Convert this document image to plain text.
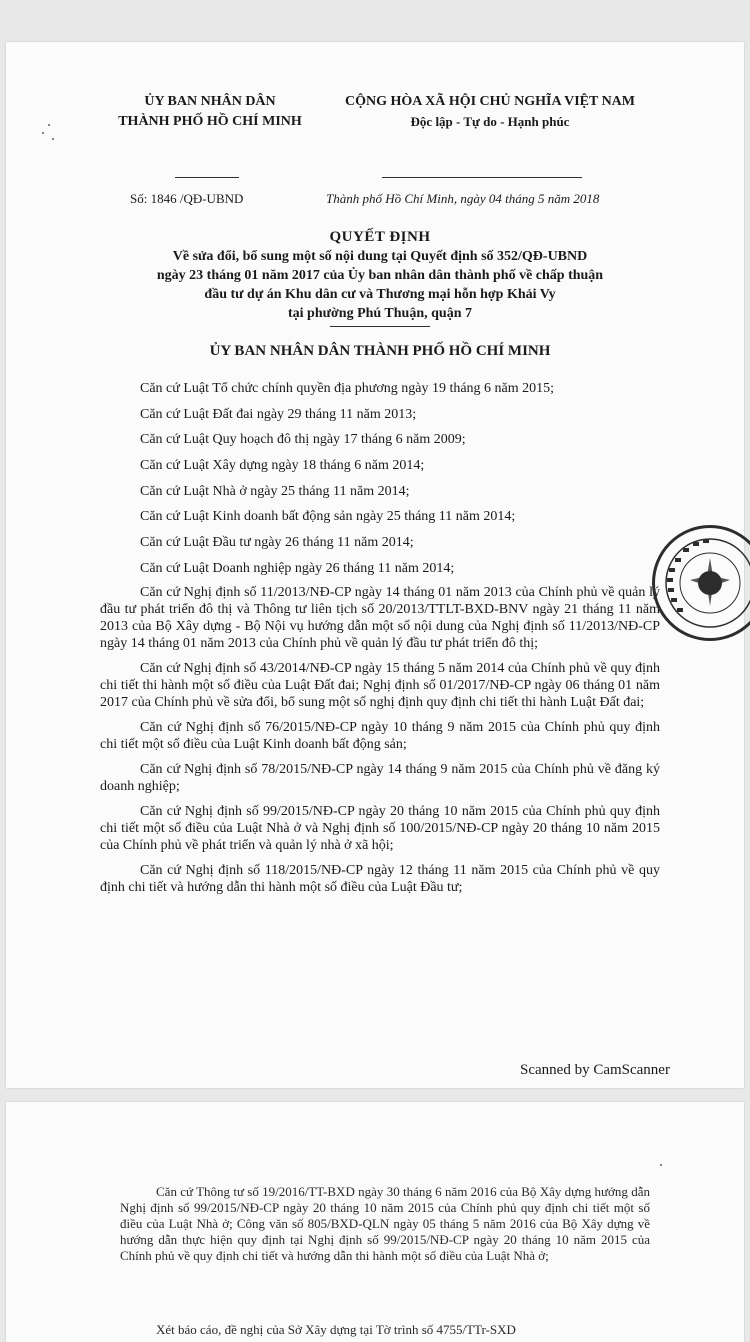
ỦY BAN NHÂN DÂN
THÀNH PHỐ HỒ CHÍ MINH
CỘNG HÒA XÃ HỘI CHỦ NGHĨA VIỆT NAM
Độc lập - Tự do - Hạnh phúc
Số: 1846 /QĐ-UBND	Thành phố Hồ Chí Minh, ngày 04 tháng 5 năm 2018
QUYẾT ĐỊNH
Về sửa đổi, bổ sung một số nội dung tại Quyết định số 352/QĐ-UBND
ngày 23 tháng 01 năm 2017 của Ủy ban nhân dân thành phố về chấp thuận
đầu tư dự án Khu dân cư và Thương mại hỗn hợp Khải Vy
tại phường Phú Thuận, quận 7
ỦY BAN NHÂN DÂN THÀNH PHỐ HỒ CHÍ MINH
Căn cứ Luật Tổ chức chính quyền địa phương ngày 19 tháng 6 năm 2015;
Căn cứ Luật Đất đai ngày 29 tháng 11 năm 2013;
Căn cứ Luật Quy hoạch đô thị ngày 17 tháng 6 năm 2009;
Căn cứ Luật Xây dựng ngày 18 tháng 6 năm 2014;
Căn cứ Luật Nhà ở ngày 25 tháng 11 năm 2014;
Căn cứ Luật Kinh doanh bất động sản ngày 25 tháng 11 năm 2014;
Căn cứ Luật Đầu tư ngày 26 tháng 11 năm 2014;
Căn cứ Luật Doanh nghiệp ngày 26 tháng 11 năm 2014;

Căn cứ Nghị định số 11/2013/NĐ-CP ngày 14 tháng 01 năm 2013 của Chính phủ về quản lý đầu tư phát triển đô thị và Thông tư liên tịch số 20/2013/TTLT-BXD-BNV ngày 21 tháng 11 năm 2013 của Bộ Xây dựng - Bộ Nội vụ hướng dẫn một số nội dung của Nghị định số 11/2013/NĐ-CP ngày 14 tháng 01 năm 2013 của Chính phủ về quản lý đầu tư phát triển đô thị;

Căn cứ Nghị định số 43/2014/NĐ-CP ngày 15 tháng 5 năm 2014 của Chính phủ về quy định chi tiết thi hành một số điều của Luật Đất đai; Nghị định số 01/2017/NĐ-CP ngày 06 tháng 01 năm 2017 của Chính phủ về sửa đổi, bổ sung một số nghị định quy định chi tiết thi hành Luật Đất đai;

Căn cứ Nghị định số 76/2015/NĐ-CP ngày 10 tháng 9 năm 2015 của Chính phủ quy định chi tiết một số điều của Luật Kinh doanh bất động sản;

Căn cứ Nghị định số 78/2015/NĐ-CP ngày 14 tháng 9 năm 2015 của Chính phủ về đăng ký doanh nghiệp;

Căn cứ Nghị định số 99/2015/NĐ-CP ngày 20 tháng 10 năm 2015 của Chính phủ quy định chi tiết một số điều của Luật Nhà ở và Nghị định số 100/2015/NĐ-CP ngày 20 tháng 10 năm 2015 của Chính phủ về phát triển và quản lý nhà ở xã hội;

Căn cứ Nghị định số 118/2015/NĐ-CP ngày 12 tháng 11 năm 2015 của Chính phủ về quy định chi tiết và hướng dẫn thi hành một số điều của Luật Đầu tư;

Scanned by CamScanner
Căn cứ Thông tư số 19/2016/TT-BXD ngày 30 tháng 6 năm 2016 của Bộ Xây dựng hướng dẫn Nghị định số 99/2015/NĐ-CP ngày 20 tháng 10 năm 2015 của Chính phủ quy định chi tiết một số điều của Luật Nhà ở; Công văn số 805/BXD-QLN ngày 05 tháng 5 năm 2016 của Bộ Xây dựng về hướng dẫn thực hiện quy định tại Nghị định số 99/2015/NĐ-CP ngày 20 tháng 10 năm 2015 của Chính phủ về quy định chi tiết và hướng dẫn thi hành một số điều của Luật Nhà ở;
Xét báo cáo, đề nghị của Sở Xây dựng tại Tờ trình số 4755/TTr-SXD
